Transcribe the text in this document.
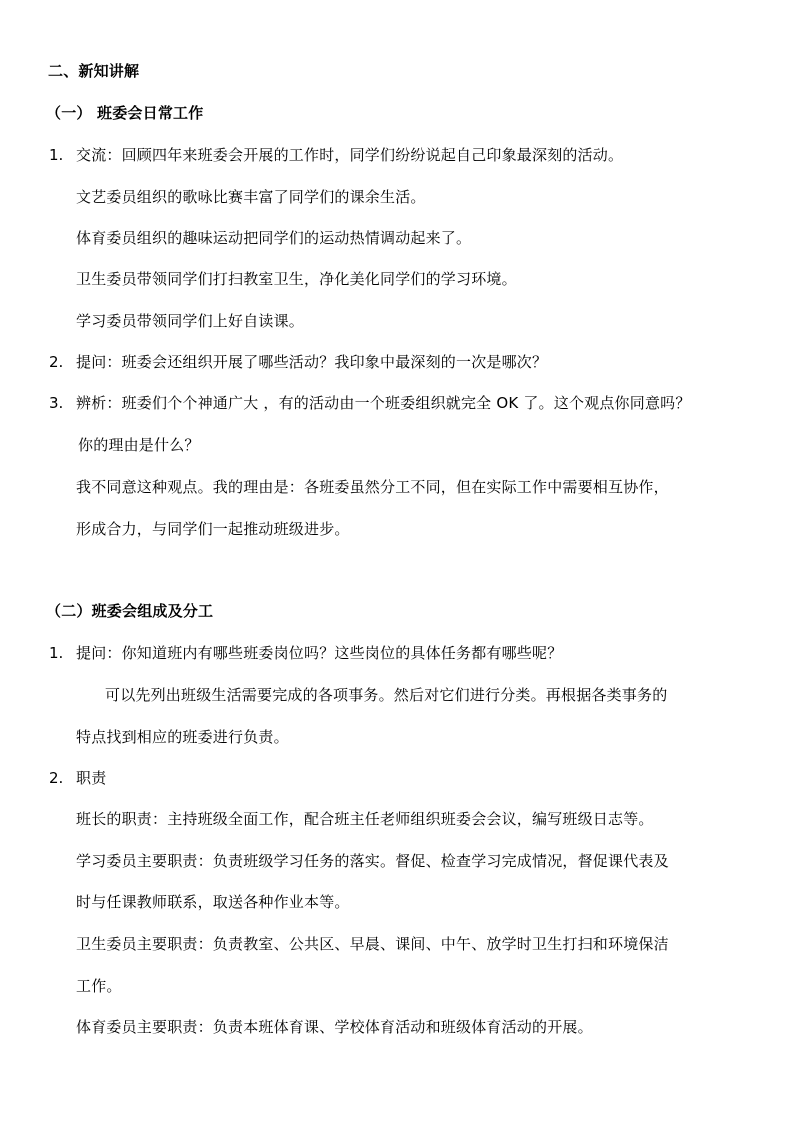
二、新知讲解
（一） 班委会日常工作
1. 交流：回顾四年来班委会开展的工作时，同学们纷纷说起自己印象最深刻的活动。
文艺委员组织的歌咏比赛丰富了同学们的课余生活。
体育委员组织的趣味运动把同学们的运动热情调动起来了。
卫生委员带领同学们打扫教室卫生，净化美化同学们的学习环境。
学习委员带领同学们上好自读课。
2. 提问：班委会还组织开展了哪些活动？我印象中最深刻的一次是哪次？
3. 辨析：班委们个个神通广大 ，有的活动由一个班委组织就完全 OK 了。这个观点你同意吗？
你的理由是什么？
我不同意这种观点。我的理由是：各班委虽然分工不同，但在实际工作中需要相互协作，
形成合力，与同学们一起推动班级进步。
（二）班委会组成及分工
1. 提问：你知道班内有哪些班委岗位吗？这些岗位的具体任务都有哪些呢？
可以先列出班级生活需要完成的各项事务。然后对它们进行分类。再根据各类事务的
特点找到相应的班委进行负责。
2. 职责
班长的职责：主持班级全面工作，配合班主任老师组织班委会会议，编写班级日志等。
学习委员主要职责：负责班级学习任务的落实。督促、检查学习完成情况，督促课代表及
时与任课教师联系，取送各种作业本等。
卫生委员主要职责：负责教室、公共区、早晨、课间、中午、放学时卫生打扫和环境保洁
工作。
体育委员主要职责：负责本班体育课、学校体育活动和班级体育活动的开展。
